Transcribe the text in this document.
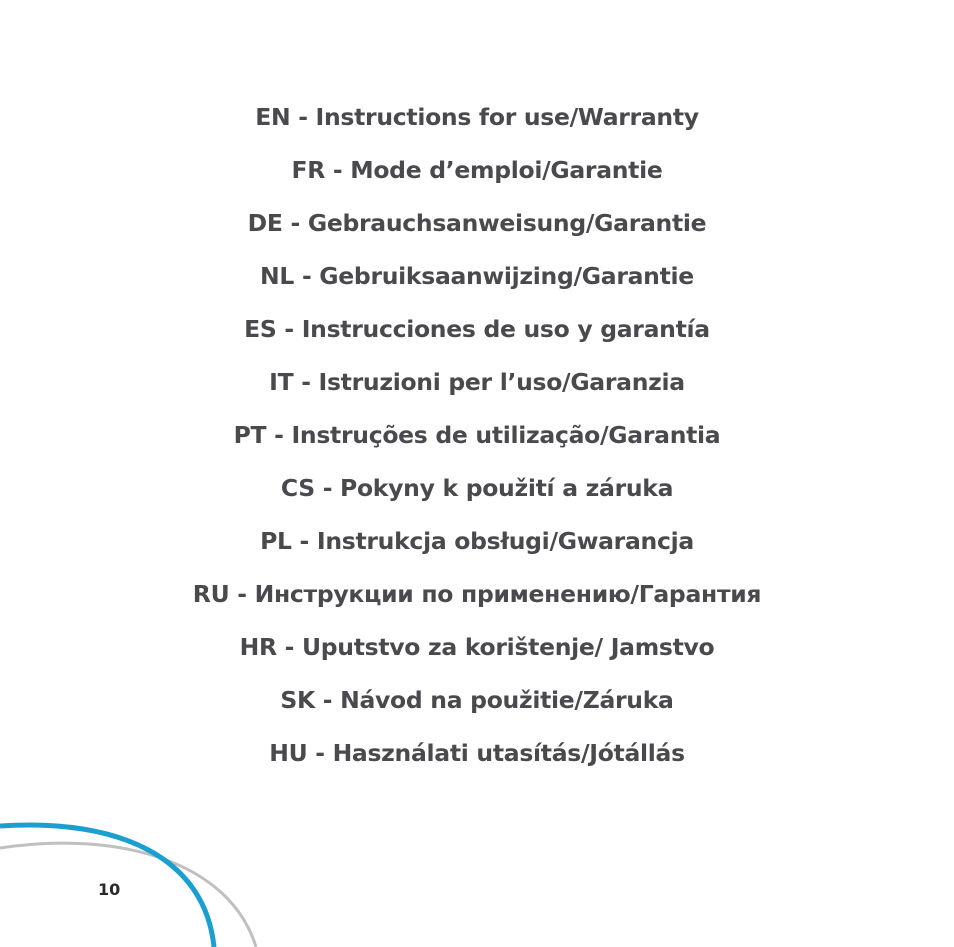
EN - Instructions for use/Warranty
FR - Mode d’emploi/Garantie
DE - Gebrauchsanweisung/Garantie
NL - Gebruiksaanwijzing/Garantie
ES - Instrucciones de uso y garantía
IT - Istruzioni per l’uso/Garanzia
PT - Instruções de utilização/Garantia
CS - Pokyny k použití a záruka
PL - Instrukcja obsługi/Gwarancja
RU - Инструкции по применению/Гарантия
HR - Uputstvo za korištenje/ Jamstvo
SK - Návod na použitie/Záruka
HU - Használati utasítás/Jótállás
10
